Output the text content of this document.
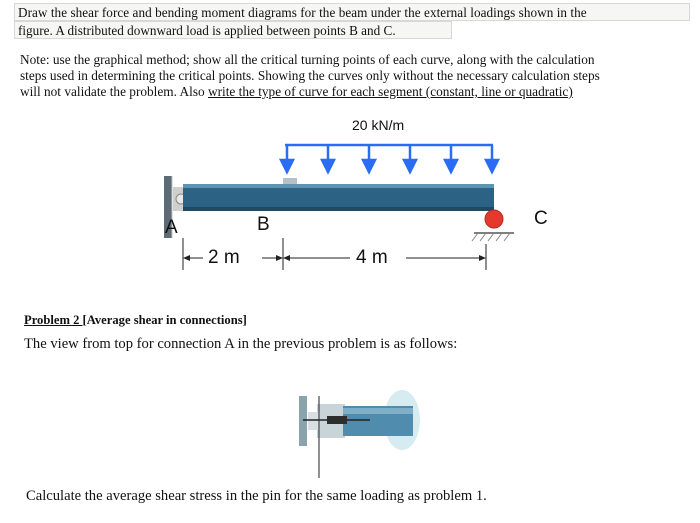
Draw the shear force and bending moment diagrams for the beam under the external loadings shown in the
figure. A distributed downward load is applied between points B and C.
Note: use the graphical method; show all the critical turning points of each curve, along with the calculation
steps used in determining the critical points. Showing the curves only without the necessary calculation steps
will not validate the problem. Also write the type of curve for each segment (constant, line or quadratic)
20 kN/m
A	B	C
2 m	4 m
Problem 2 [Average shear in connections]
The view from top for connection A in the previous problem is as follows:
Calculate the average shear stress in the pin for the same loading as problem 1.
